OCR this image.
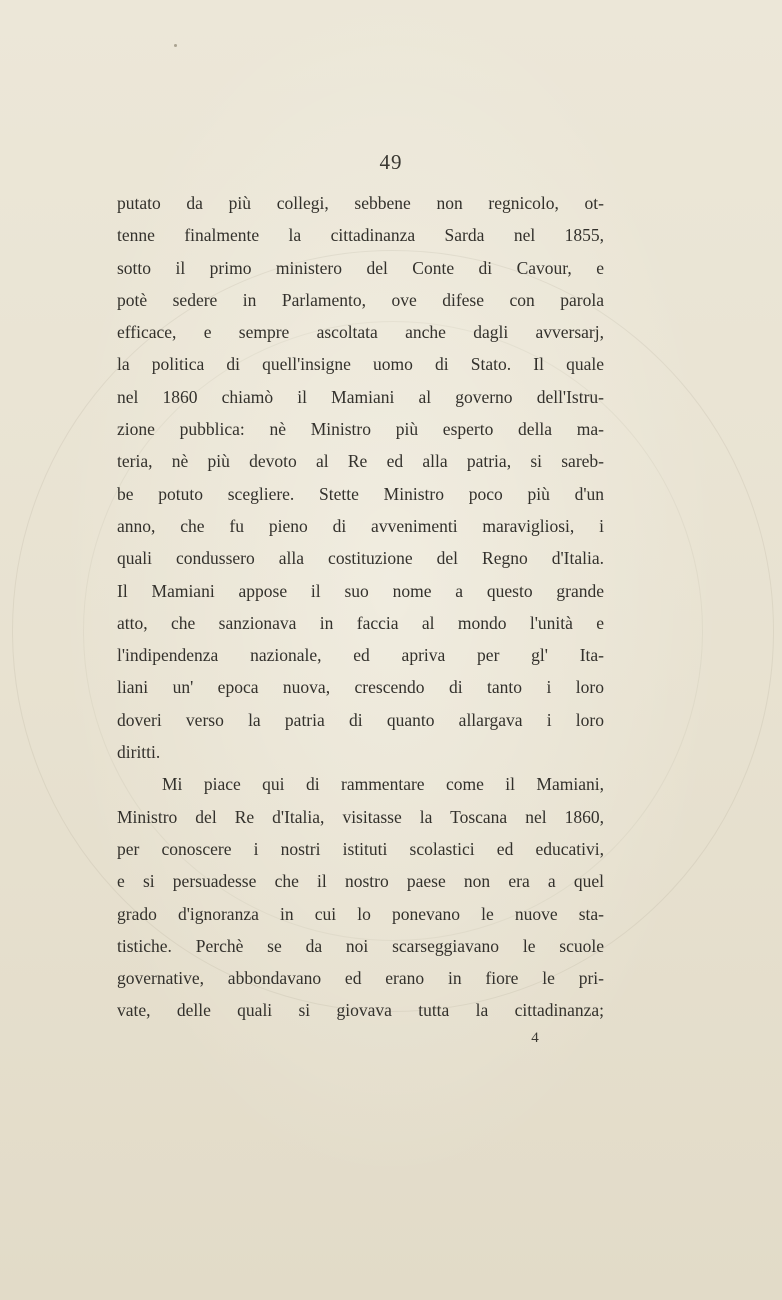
49
putato da più collegi, sebbene non regnicolo, ot-
tenne finalmente la cittadinanza Sarda nel 1855,
sotto il primo ministero del Conte di Cavour, e
potè sedere in Parlamento, ove difese con parola
efficace, e sempre ascoltata anche dagli avversarj,
la politica di quell'insigne uomo di Stato. Il quale
nel 1860 chiamò il Mamiani al governo dell'Istru-
zione pubblica: nè Ministro più esperto della ma-
teria, nè più devoto al Re ed alla patria, si sareb-
be potuto scegliere. Stette Ministro poco più d'un
anno, che fu pieno di avvenimenti maravigliosi, i
quali condussero alla costituzione del Regno d'Italia.
Il Mamiani appose il suo nome a questo grande
atto, che sanzionava in faccia al mondo l'unità e
l'indipendenza nazionale, ed apriva per gl' Ita-
liani un' epoca nuova, crescendo di tanto i loro
doveri verso la patria di quanto allargava i loro
diritti.
Mi piace qui di rammentare come il Mamiani,
Ministro del Re d'Italia, visitasse la Toscana nel 1860,
per conoscere i nostri istituti scolastici ed educativi,
e si persuadesse che il nostro paese non era a quel
grado d'ignoranza in cui lo ponevano le nuove sta-
tistiche. Perchè se da noi scarseggiavano le scuole
governative, abbondavano ed erano in fiore le pri-
vate, delle quali si giovava tutta la cittadinanza;
4
